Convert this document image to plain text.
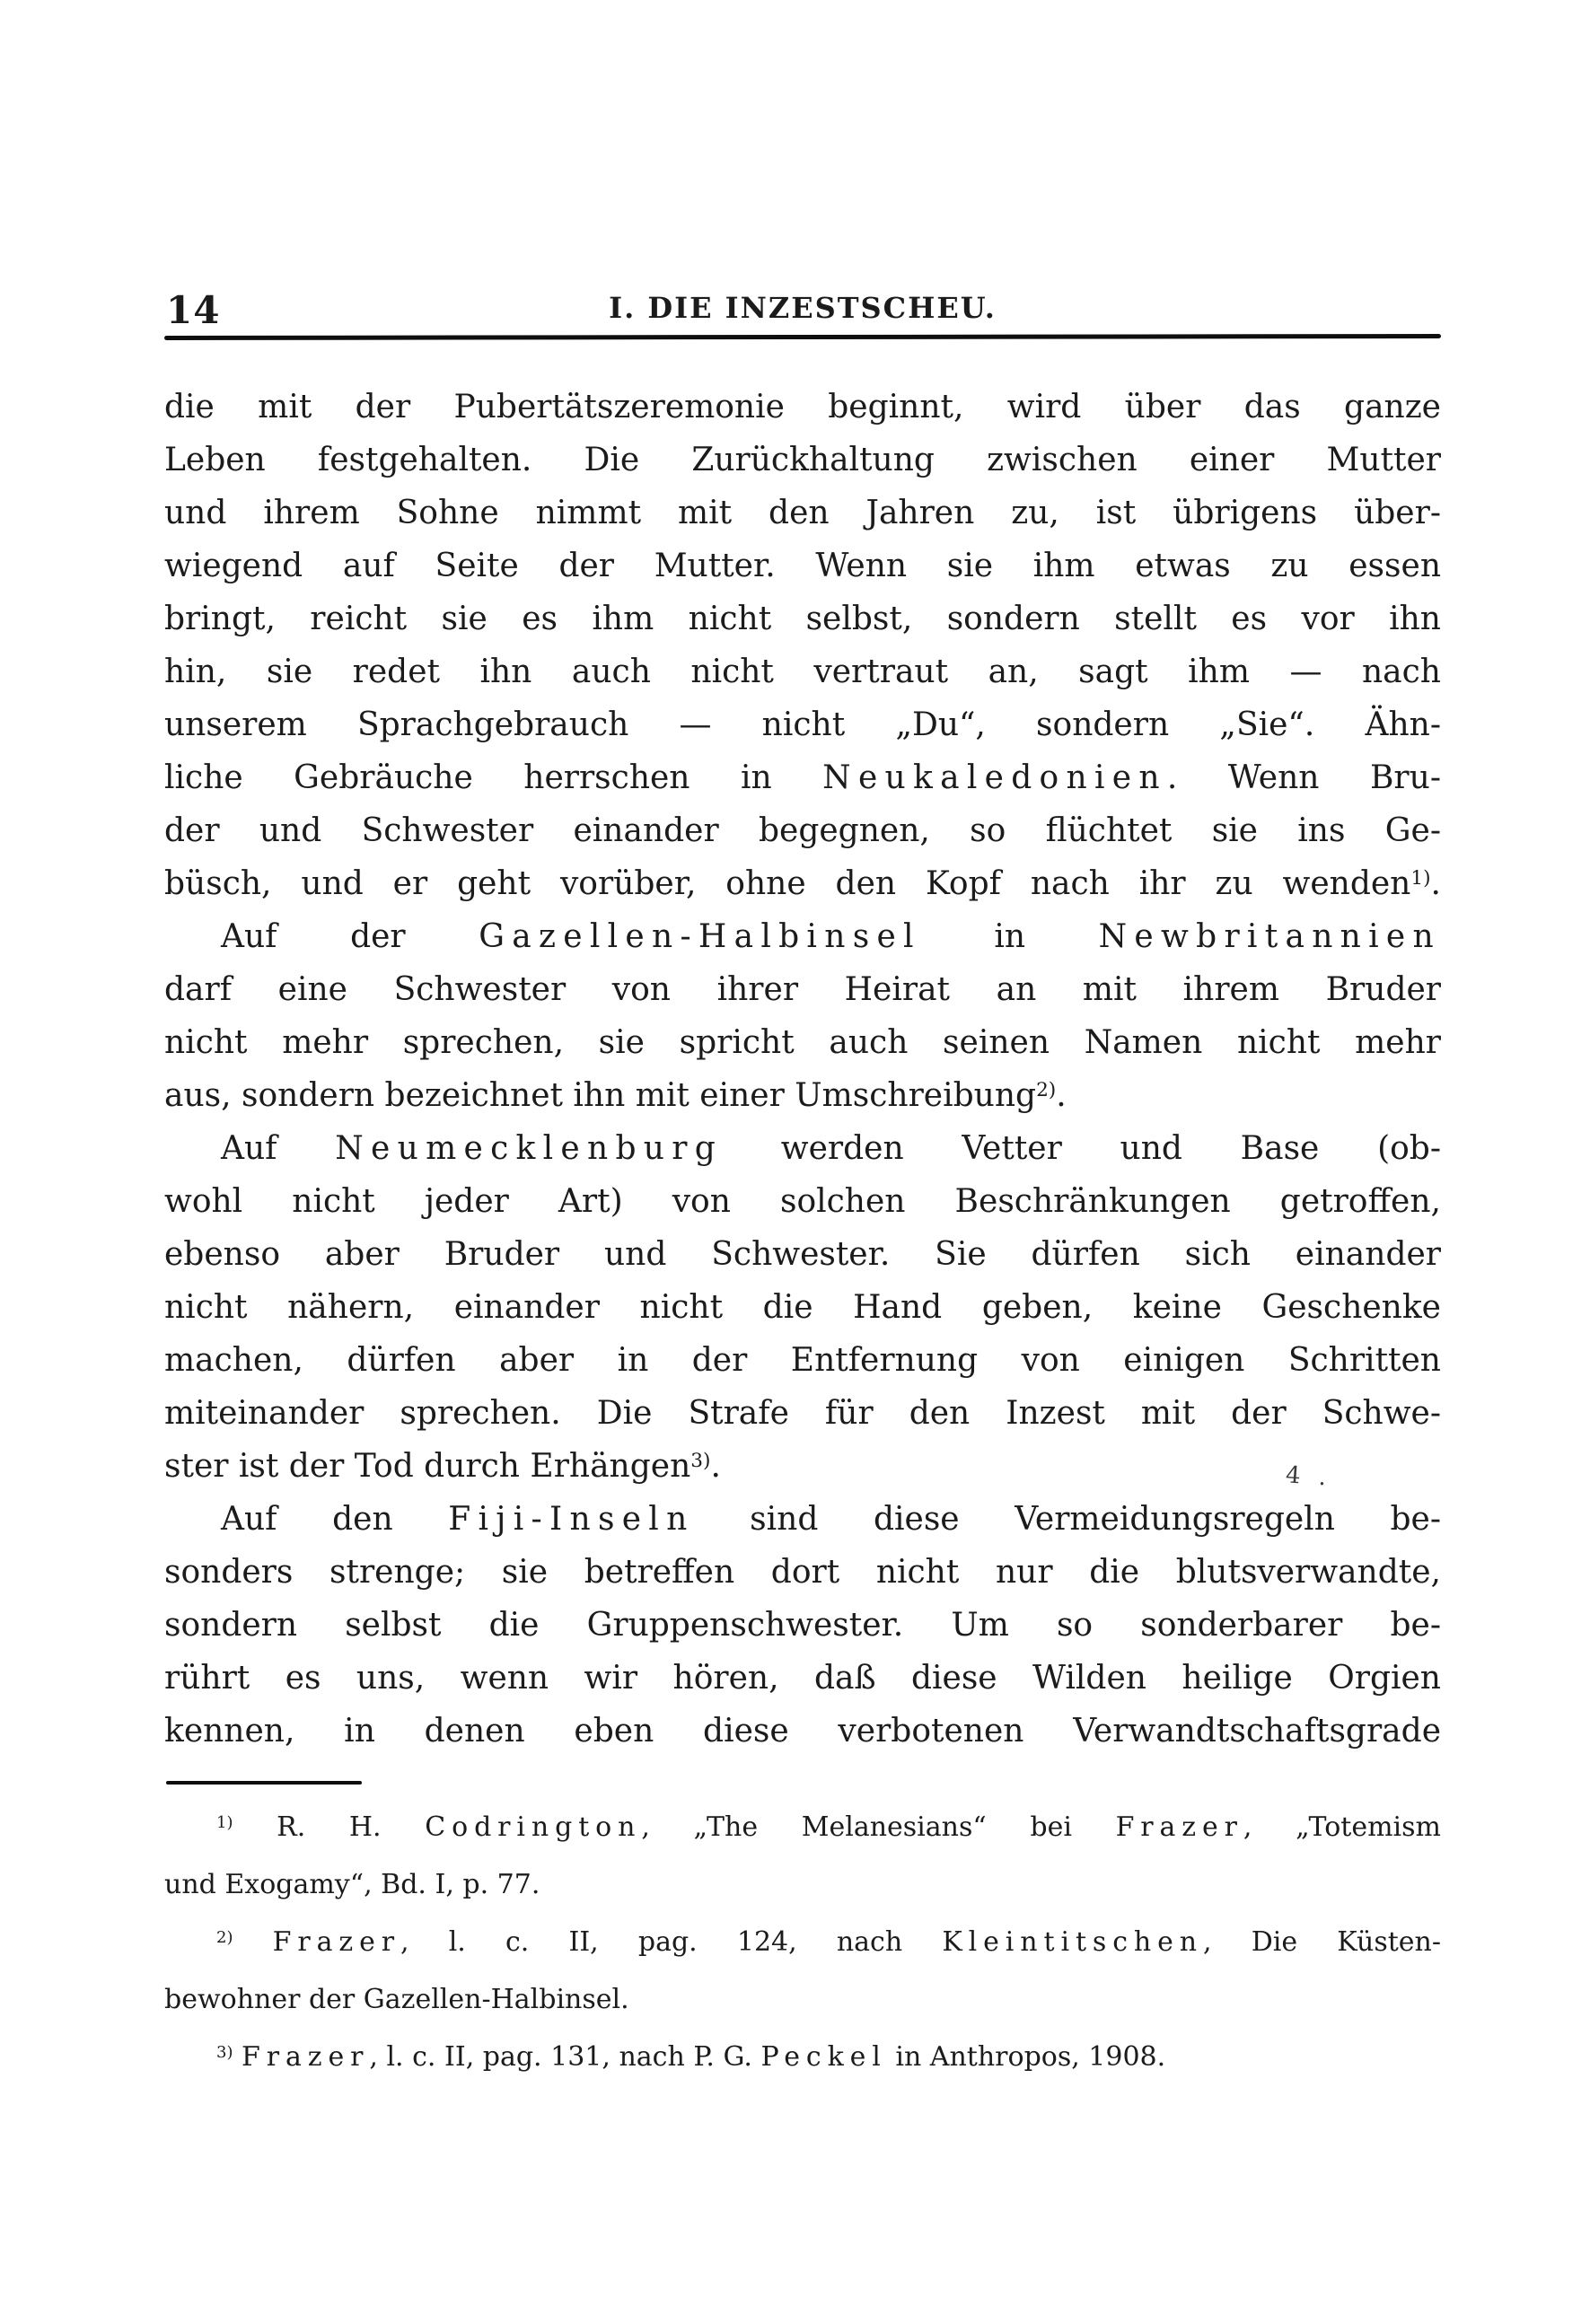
14	I. DIE INZESTSCHEU.
die mit der Pubertätszeremonie beginnt, wird über das ganze
Leben festgehalten. Die Zurückhaltung zwischen einer Mutter
und ihrem Sohne nimmt mit den Jahren zu, ist übrigens über-
wiegend auf Seite der Mutter. Wenn sie ihm etwas zu essen
bringt, reicht sie es ihm nicht selbst, sondern stellt es vor ihn
hin, sie redet ihn auch nicht vertraut an, sagt ihm — nach
unserem Sprachgebrauch — nicht „Du“, sondern „Sie“. Ähn-
liche Gebräuche herrschen in Neukaledonien. Wenn Bru-
der und Schwester einander begegnen, so flüchtet sie ins Ge-
büsch, und er geht vorüber, ohne den Kopf nach ihr zu wenden$^{1)}$.
Auf der Gazellen-Halbinsel in Newbritannien
darf eine Schwester von ihrer Heirat an mit ihrem Bruder
nicht mehr sprechen, sie spricht auch seinen Namen nicht mehr
aus, sondern bezeichnet ihn mit einer Umschreibung$^{2)}$.
Auf Neumecklenburg werden Vetter und Base (ob-
wohl nicht jeder Art) von solchen Beschränkungen getroffen,
ebenso aber Bruder und Schwester. Sie dürfen sich einander
nicht nähern, einander nicht die Hand geben, keine Geschenke
machen, dürfen aber in der Entfernung von einigen Schritten
miteinander sprechen. Die Strafe für den Inzest mit der Schwe-
ster ist der Tod durch Erhängen$^{3)}$.
Auf den Fiji-Inseln sind diese Vermeidungsregeln be-
sonders strenge; sie betreffen dort nicht nur die blutsverwandte,
sondern selbst die Gruppenschwester. Um so sonderbarer be-
rührt es uns, wenn wir hören, daß diese Wilden heilige Orgien
kennen, in denen eben diese verbotenen Verwandtschaftsgrade
$^{1)}$ R. H. Codrington, „The Melanesians“ bei Frazer, „Totemism
und Exogamy“, Bd. I, p. 77.
$^{2)}$ Frazer, l. c. II, pag. 124, nach Kleintitschen, Die Küsten-
bewohner der Gazellen-Halbinsel.
$^{3)}$ Frazer, l. c. II, pag. 131, nach P. G. Peckel in Anthropos, 1908.
4 .
